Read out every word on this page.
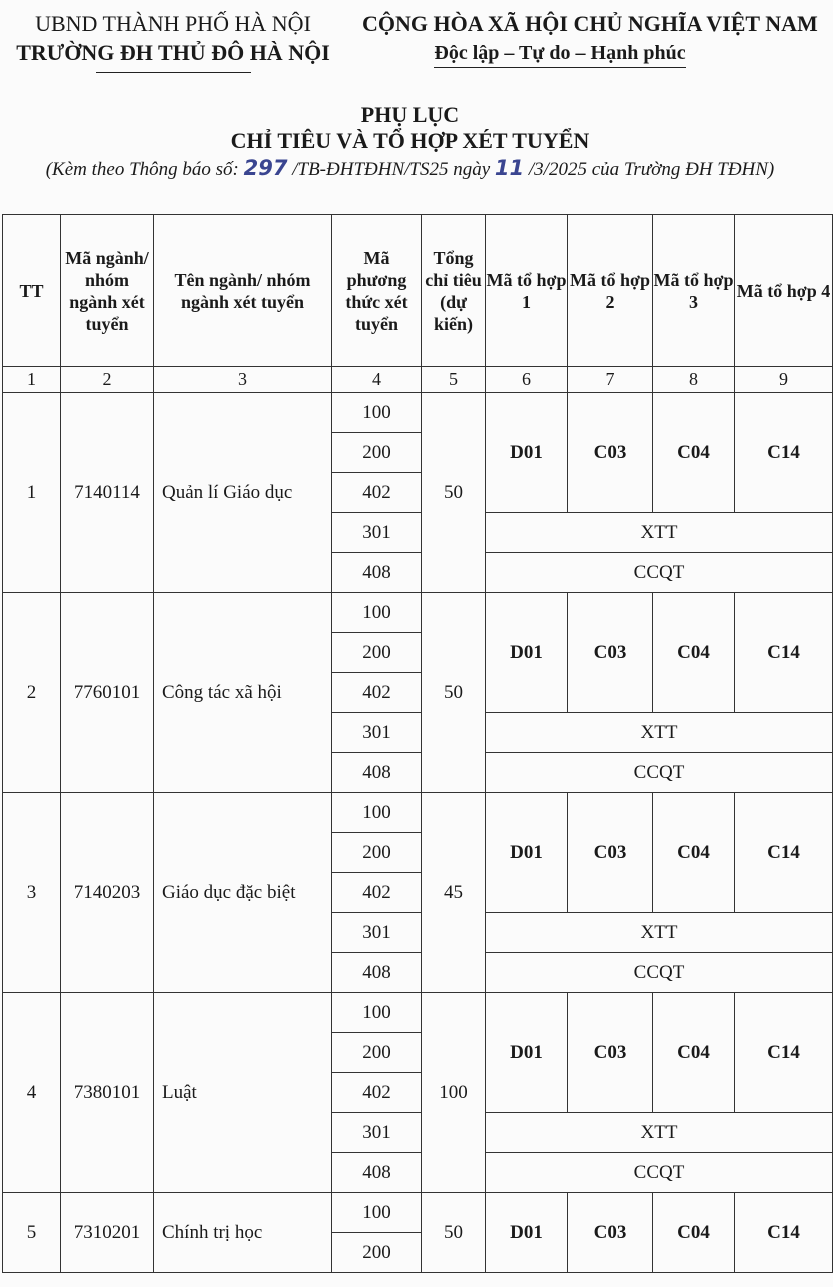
UBND THÀNH PHỐ HÀ NỘI
TRƯỜNG ĐH THỦ ĐÔ HÀ NỘI
CỘNG HÒA XÃ HỘI CHỦ NGHĨA VIỆT NAM
Độc lập – Tự do – Hạnh phúc
PHỤ LỤC
CHỈ TIÊU VÀ TỔ HỢP XÉT TUYỂN
(Kèm theo Thông báo số: 297 /TB-ĐHTĐHN/TS25 ngày 11 /3/2025 của Trường ĐH TĐHN)
TT	Mã ngành/ nhóm ngành xét tuyển	Tên ngành/ nhóm ngành xét tuyển	Mã phương thức xét tuyển	Tổng chỉ tiêu (dự kiến)	Mã tổ hợp 1	Mã tổ hợp 2	Mã tổ hợp 3	Mã tổ hợp 4
1	2	3	4	5	6	7	8	9
1	7140114	Quản lí Giáo dục	100	50	D01	C03	C04	C14
			200					
			402					
			301		XTT			
			408		CCQT			
2	7760101	Công tác xã hội	100	50	D01	C03	C04	C14
			200					
			402					
			301		XTT			
			408		CCQT			
3	7140203	Giáo dục đặc biệt	100	45	D01	C03	C04	C14
			200					
			402					
			301		XTT			
			408		CCQT			
4	7380101	Luật	100	100	D01	C03	C04	C14
			200					
			402					
			301		XTT			
			408		CCQT			
5	7310201	Chính trị học	100	50	D01	C03	C04	C14
			200					
